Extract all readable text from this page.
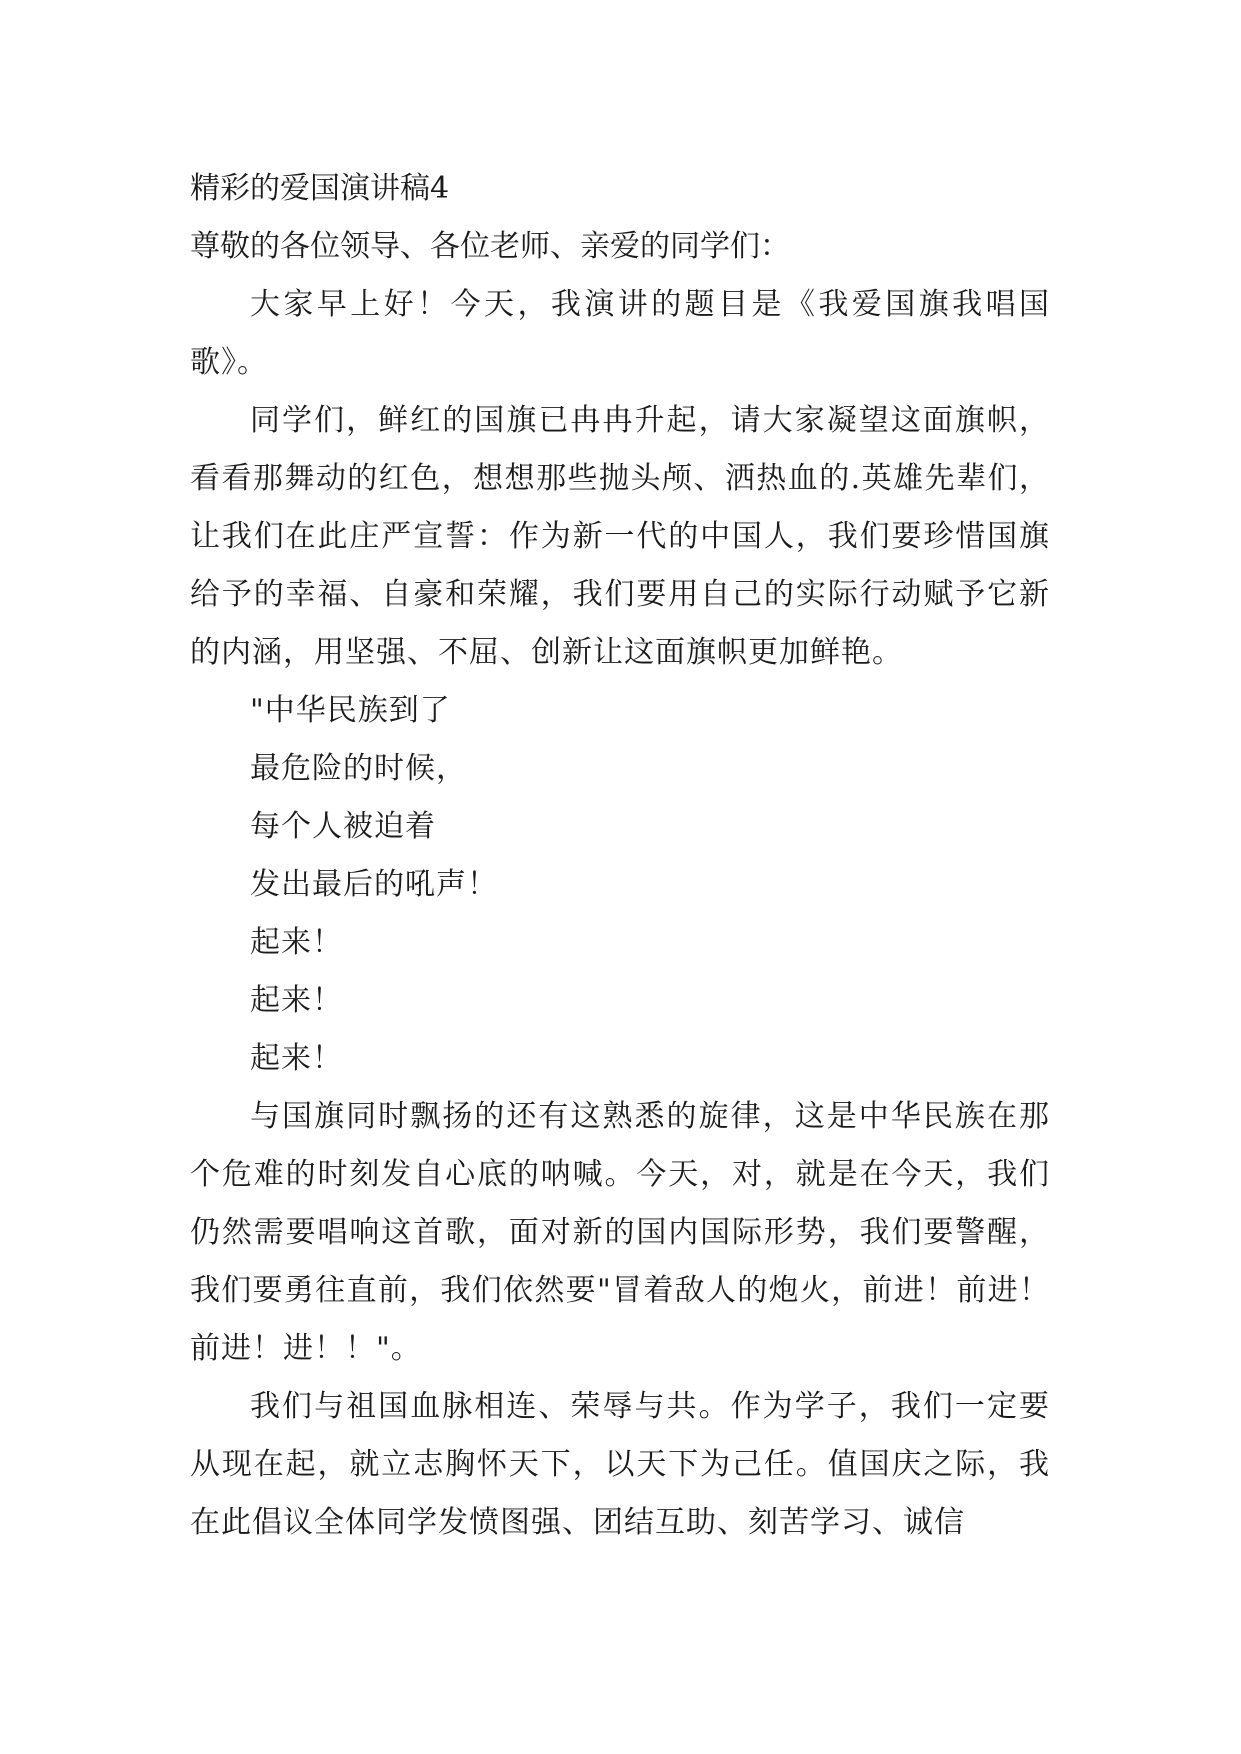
精彩的爱国演讲稿4

尊敬的各位领导、各位老师、亲爱的同学们：

大家早上好！今天，我演讲的题目是《我爱国旗我唱国歌》。

同学们，鲜红的国旗已冉冉升起，请大家凝望这面旗帜，看看那舞动的红色，想想那些抛头颅、洒热血的.英雄先辈们，让我们在此庄严宣誓：作为新一代的中国人，我们要珍惜国旗给予的幸福、自豪和荣耀，我们要用自己的实际行动赋予它新的内涵，用坚强、不屈、创新让这面旗帜更加鲜艳。

"中华民族到了

最危险的时候，

每个人被迫着

发出最后的吼声！

起来！

起来！

起来！

与国旗同时飘扬的还有这熟悉的旋律，这是中华民族在那个危难的时刻发自心底的呐喊。今天，对，就是在今天，我们仍然需要唱响这首歌，面对新的国内国际形势，我们要警醒，我们要勇往直前，我们依然要"冒着敌人的炮火，前进！前进！前进！进！！"。

我们与祖国血脉相连、荣辱与共。作为学子，我们一定要从现在起，就立志胸怀天下，以天下为己任。值国庆之际，我在此倡议全体同学发愤图强、团结互助、刻苦学习、诚信
